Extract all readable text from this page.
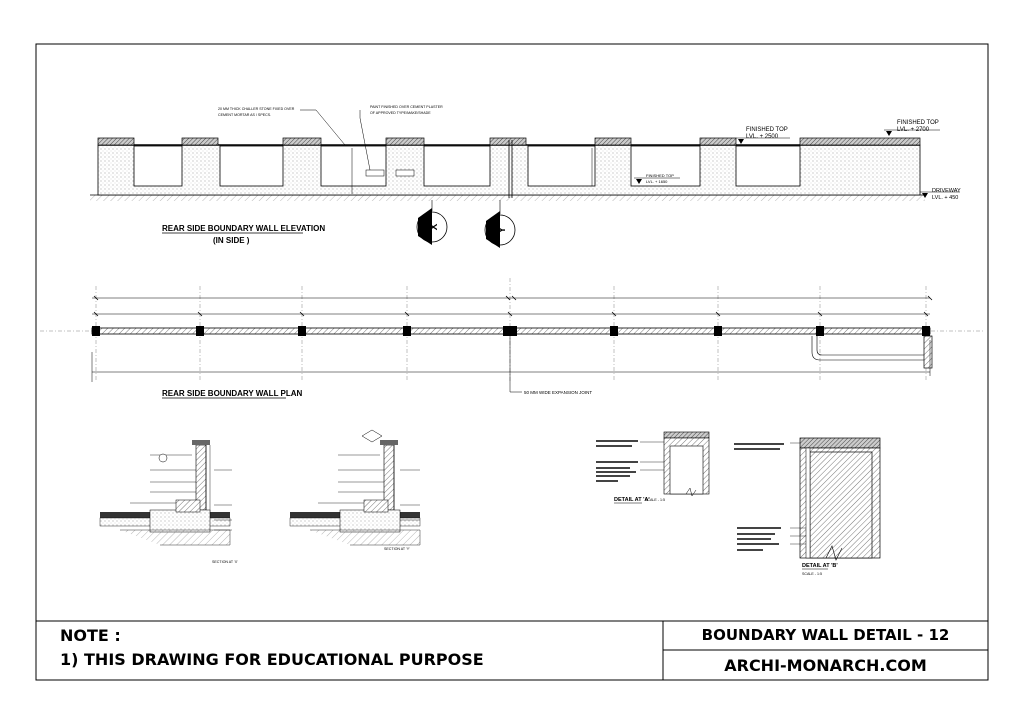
20 MM THICK CHALLER STONE FIXED OVER
CEMENT MORTAR AS / SPECS.
PAINT FINISHED OVER CEMENT PLASTER
OF APPROVED TYPE/MAKE/SHADE
FINISHED TOP
LVL. + 2500
FINISHED TOP
LVL. + 2700
FINISHED TOP
LVL. + 1650
DRIVEWAY
LVL. + 450
X	Y
REAR SIDE BOUNDARY WALL ELEVATION
(IN SIDE )
50 MM WIDE EXPANSION JOINT
REAR SIDE BOUNDARY WALL PLAN
SECTION AT 'X'
SECTION AT 'Y'
DETAIL AT 'A'
SCALE - 1:5
DETAIL AT 'B'
SCALE - 1:5
NOTE :
1) THIS DRAWING FOR EDUCATIONAL PURPOSE
BOUNDARY WALL DETAIL - 12
ARCHI-MONARCH.COM
